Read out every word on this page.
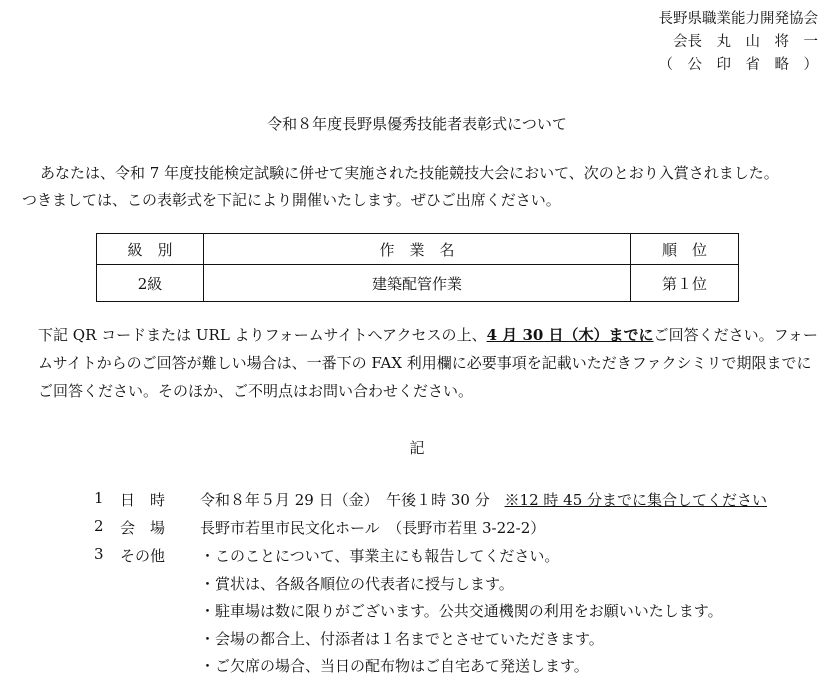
長野県職業能力開発協会
会長　丸　山　将　一
（　公　印　省　略　）
令和８年度長野県優秀技能者表彰式について
あなたは、令和 7 年度技能検定試験に併せて実施された技能競技大会において、次のとおり入賞されました。
つきましては、この表彰式を下記により開催いたします。ぜひご出席ください。
級　別	作　業　名	順　位
2級	建築配管作業	第１位
下記 QR コードまたは URL よりフォームサイトへアクセスの上、4 月 30 日（木）までにご回答ください。フォームサイトからのご回答が難しい場合は、一番下の FAX 利用欄に必要事項を記載いただきファクシミリで期限までにご回答ください。そのほか、ご不明点はお問い合わせください。
記
1 日　時 令和８年５月 29 日（金）　午後１時 30 分 ※12 時 45 分までに集合してください
2 会　場 長野市若里市民文化ホール　（長野市若里 3-22-2）
3 その他 ・このことについて、事業主にも報告してください。
・賞状は、各級各順位の代表者に授与します。
・駐車場は数に限りがございます。公共交通機関の利用をお願いいたします。
・会場の都合上、付添者は１名までとさせていただきます。
・ご欠席の場合、当日の配布物はご自宅あて発送します。
